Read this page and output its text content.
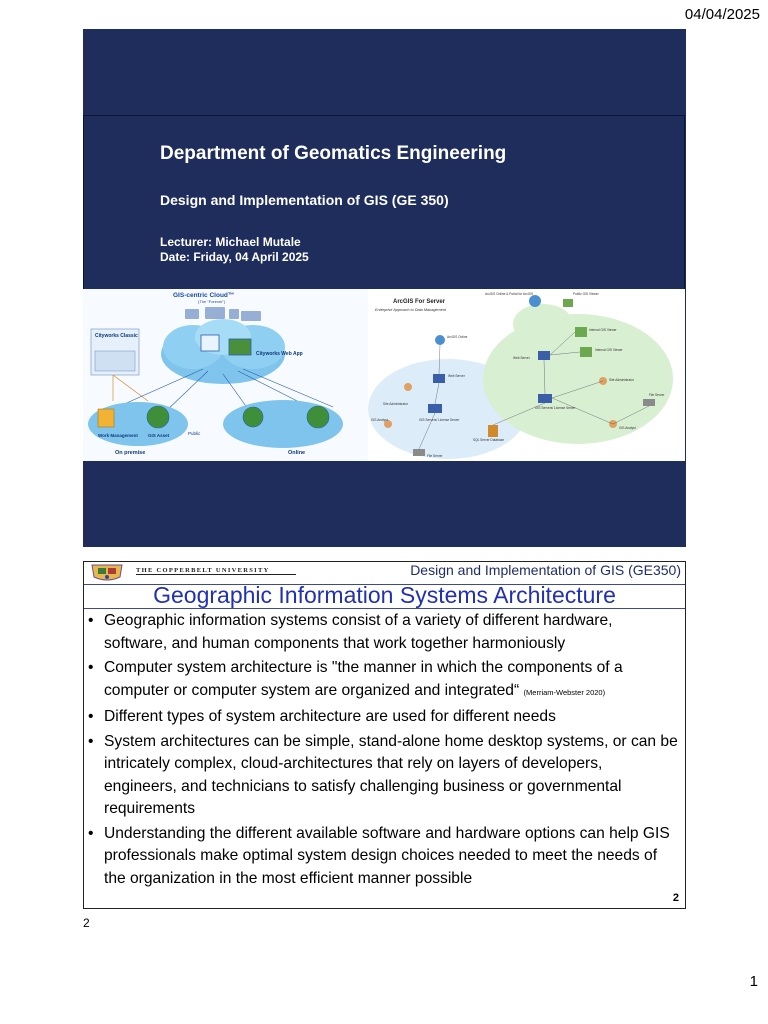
04/04/2025
Department of Geomatics Engineering
Design and Implementation of GIS (GE 350)
Lecturer: Michael Mutale
Date: Friday, 04 April 2025
GIS-centric Cloud™
(The "Forever")
Cityworks Web App
Cityworks Classic
Work Management GIS Asset	Public
On premise	Online
ArcGIS For Server
Enterprise Approach to Data Management
ArcGIS Online & Portal for ArcGIS	Public GIS Viewer
ArcGIS Online
Internal GIS Viewer
Web Server
Internal GIS Viewer
Web Server
Site Administrator
Site Administrator
GIS Servers/ License Server
GIS Analyst
GIS Servers/ License Server
SQL Server Database
File Server
GIS Analyst
File Server
THE COPPERBELT UNIVERSITY	Design and Implementation of GIS (GE350)
Geographic Information Systems Architecture
• Geographic information systems consist of a variety of different hardware, software, and human components that work together harmoniously
• Computer system architecture is "the manner in which the components of a computer or computer system are organized and integrated“ (Merriam-Webster 2020)
• Different types of system architecture are used for different needs
• System architectures can be simple, stand-alone home desktop systems, or can be intricately complex, cloud-architectures that rely on layers of developers, engineers, and technicians to satisfy challenging business or governmental requirements
• Understanding the different available software and hardware options can help GIS professionals make optimal system design choices needed to meet the needs of the organization in the most efficient manner possible
2
2
1
